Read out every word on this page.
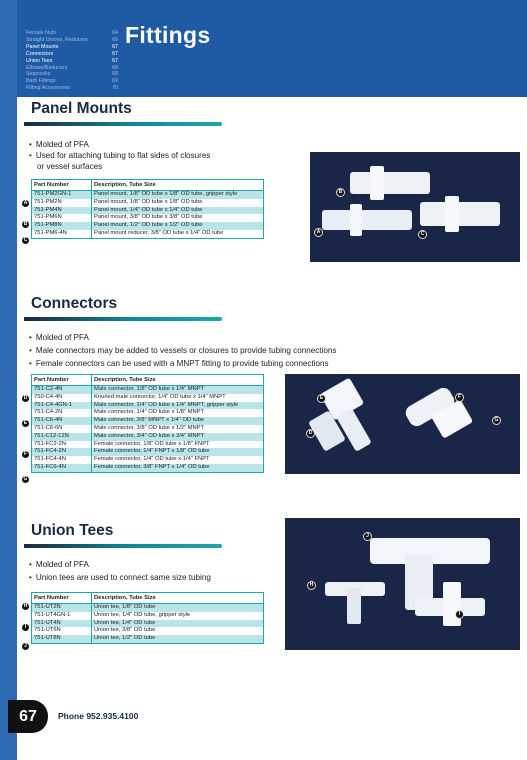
Female Nuts	64
Straight Unions, Reducers	66
Panel Mounts	67
Connectors	67
Union Tees	67
Elbows/Reducers	68
Stopcocks	68
Barb Fittings	69
Fitting Accessories	70
Fittings
Panel Mounts
• Molded of PFA
• Used for attaching tubing to flat sides of closures
or vessel surfaces
Part Number	Description, Tube Size
751-PM2GN-1	Panel mount, 1/8" OD tube x 1/8" OD tube, gripper style
751-PM2N	Panel mount, 1/8" OD tube x 1/8" OD tube
751-PM4N	Panel mount, 1/4" OD tube x 1/4" OD tube
751-PM6N	Panel mount, 3/8" OD tube x 3/8" OD tube
751-PM8N	Panel mount, 1/2" OD tube x 1/2" OD tube
751-PM6-4N	Panel mount reducer, 3/8" OD tube x 1/4" OD tube
A
B
C
B
A	C
Connectors
• Molded of PFA
• Male connectors may be added to vessels or closures to provide tubing connections
• Female connectors can be used with a MNPT fitting to provide tubing connections
Part Number	Description, Tube Size
751-C2-4N	Male connector, 1/8" OD tube x 1/4" MNPT
750-C4-4N	Knurled male connector, 1/4" OD tube x 1/4" MNPT
751-C4-4GN-1	Male connector, 1/4" OD tube x 1/4" MNPT, gripper style
751-C4-2N	Male connector, 1/4" OD tube x 1/8" MNPT
751-C6-4N	Male connector, 3/8" MNPT x 1/4" OD tube
751-C8-6N	Male connector, 3/8" OD tube x 1/2" MNPT
751-C12-12N	Male connector, 3/4" OD tube x 3/4" MNPT
751-FC2-2N	Female connector, 1/8" OD tube x 1/8" FNPT
751-FC4-2N	Female connector, 1/4" FNPT x 1/8" OD tube
751-FC4-4N	Female connector, 1/4" OD tube x 1/4" FNPT
751-FC6-4N	Female connector, 3/8" FNPT x 1/4" OD tube
D
E
F
G
E	F
G
D
Union Tees
• Molded of PFA
• Union tees are used to connect same size tubing
Part Number	Description, Tube Size
751-UT2N	Union tee, 1/8" OD tube
751-UT4GN-1	Union tee, 1/4" OD tube, gripper style
751-UT4N	Union tee, 1/4" OD tube
751-UT6N	Union tee, 3/8" OD tube
751-UT8N	Union tee, 1/2" OD tube
H
I
J
J
H
I
67	Phone 952.935.4100
